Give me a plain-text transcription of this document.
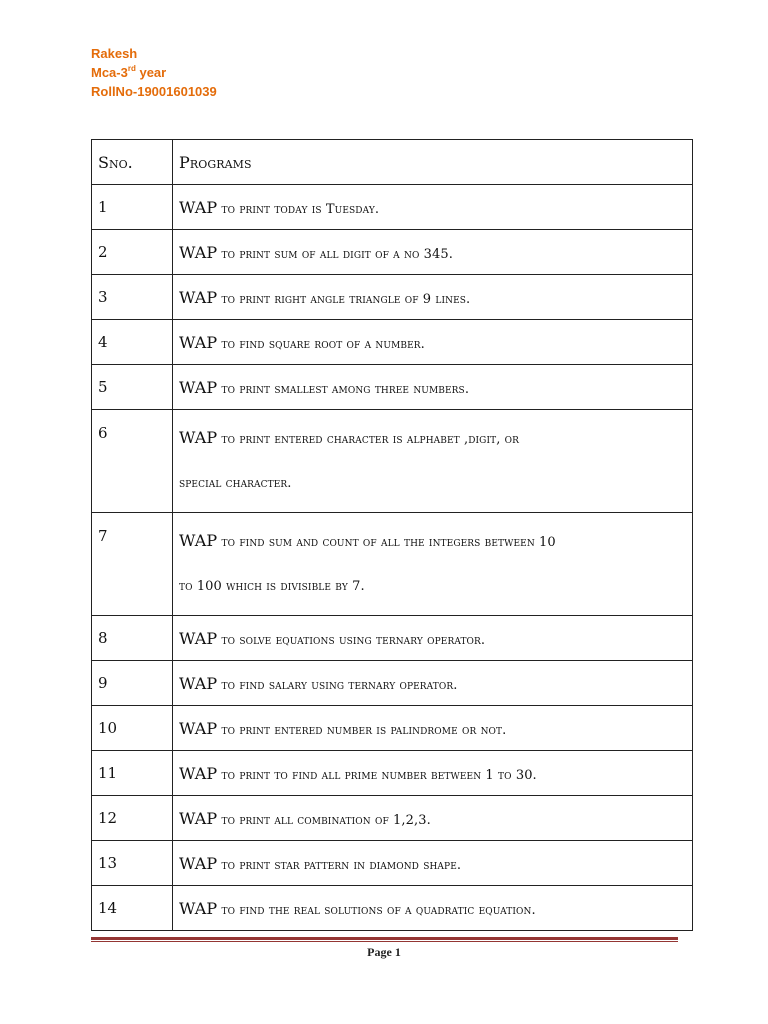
Rakesh
Mca-3rd year
RollNo-19001601039
Sno.	Programs
1	WAP to print today is Tuesday.
2	WAP to print sum of all digit of a no 345.
3	WAP to print right angle triangle of 9 lines.
4	WAP to find square root of a number.
5	WAP to print smallest among three numbers.
6	WAP to print entered character is alphabet ,digit, or
special character.

7	WAP to find sum and count of all the integers between 10
to 100 which is divisible by 7.

8	WAP to solve equations using ternary operator.
9	WAP to find salary using ternary operator.
10	WAP to print entered number is palindrome or not.
11	WAP to print to find all prime number between 1 to 30.
12	WAP to print all combination of 1,2,3.
13	WAP to print star pattern in diamond shape.
14	WAP to find the real solutions of a quadratic equation.
Page 1
